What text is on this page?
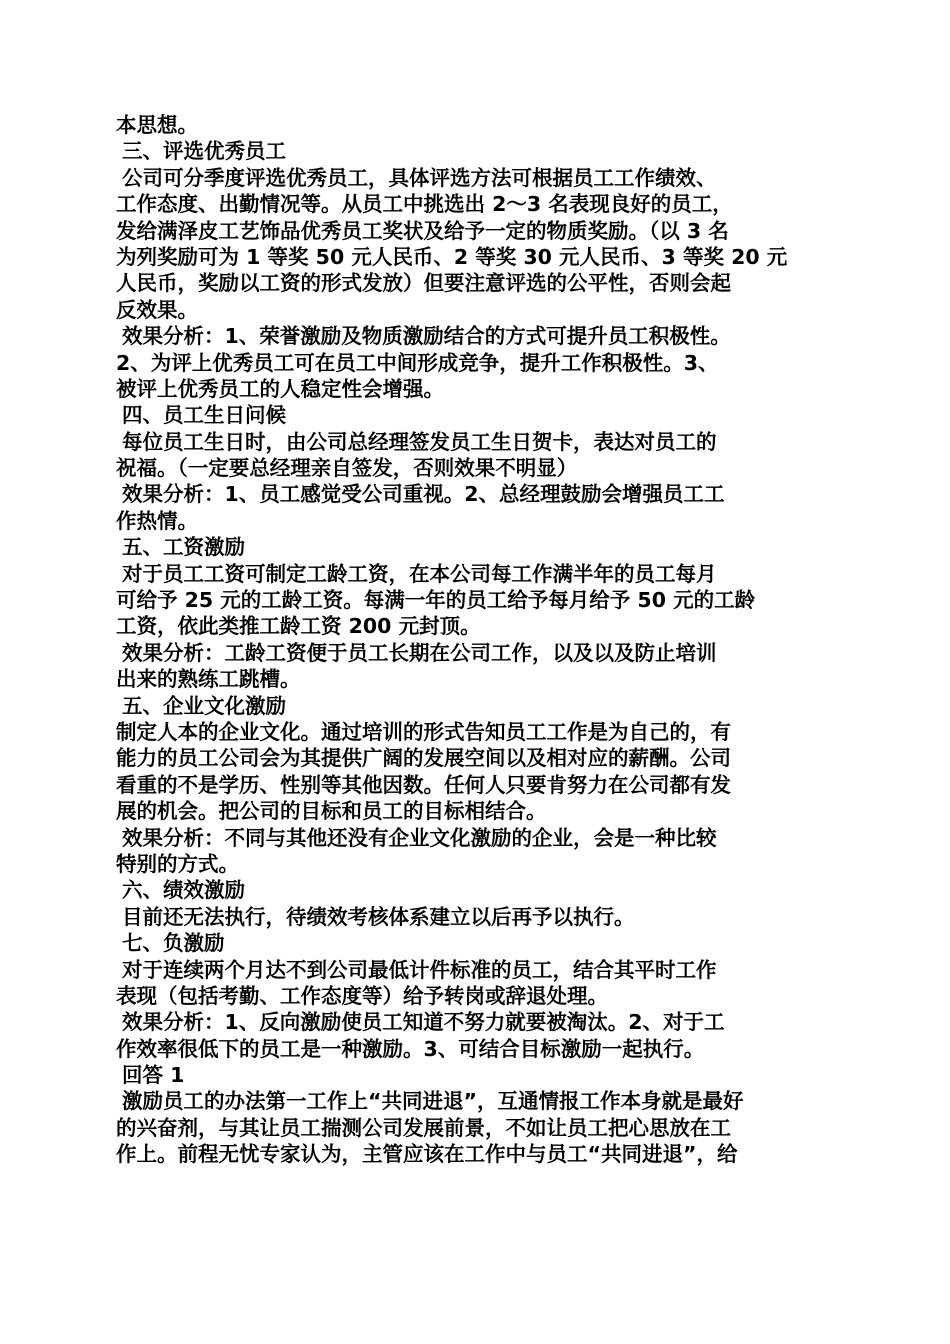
本思想。
三、评选优秀员工
公司可分季度评选优秀员工，具体评选方法可根据员工工作绩效、
工作态度、出勤情况等。从员工中挑选出 2～3 名表现良好的员工，
发给满泽皮工艺饰品优秀员工奖状及给予一定的物质奖励。（以 3 名
为列奖励可为 1 等奖 50 元人民币、2 等奖 30 元人民币、3 等奖 20 元
人民币，奖励以工资的形式发放）但要注意评选的公平性，否则会起
反效果。
效果分析：1、荣誉激励及物质激励结合的方式可提升员工积极性。
2、为评上优秀员工可在员工中间形成竞争，提升工作积极性。3、
被评上优秀员工的人稳定性会增强。
四、员工生日问候
每位员工生日时，由公司总经理签发员工生日贺卡，表达对员工的
祝福。（一定要总经理亲自签发，否则效果不明显）
效果分析：1、员工感觉受公司重视。2、总经理鼓励会增强员工工
作热情。
五、工资激励
对于员工工资可制定工龄工资，在本公司每工作满半年的员工每月
可给予 25 元的工龄工资。每满一年的员工给予每月给予 50 元的工龄
工资，依此类推工龄工资 200 元封顶。
效果分析：工龄工资便于员工长期在公司工作，以及以及防止培训
出来的熟练工跳槽。
五、企业文化激励
制定人本的企业文化。通过培训的形式告知员工工作是为自己的，有
能力的员工公司会为其提供广阔的发展空间以及相对应的薪酬。公司
看重的不是学历、性别等其他因数。任何人只要肯努力在公司都有发
展的机会。把公司的目标和员工的目标相结合。
效果分析：不同与其他还没有企业文化激励的企业，会是一种比较
特别的方式。
六、绩效激励
目前还无法执行，待绩效考核体系建立以后再予以执行。
七、负激励
对于连续两个月达不到公司最低计件标准的员工，结合其平时工作
表现（包括考勤、工作态度等）给予转岗或辞退处理。
效果分析：1、反向激励使员工知道不努力就要被淘汰。2、对于工
作效率很低下的员工是一种激励。3、可结合目标激励一起执行。
回答 1
激励员工的办法第一工作上“共同进退”，互通情报工作本身就是最好
的兴奋剂，与其让员工揣测公司发展前景，不如让员工把心思放在工
作上。前程无忧专家认为，主管应该在工作中与员工“共同进退”，给
